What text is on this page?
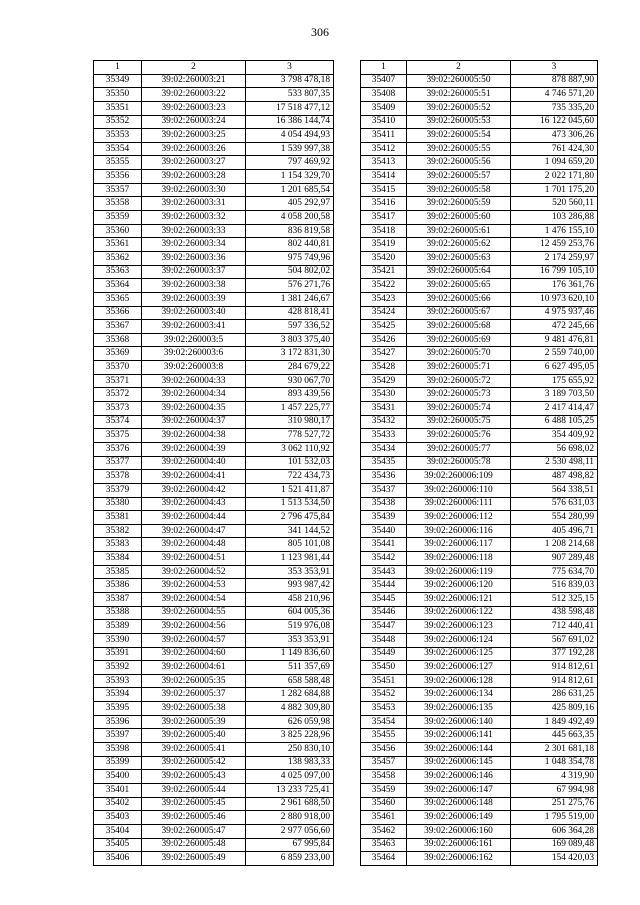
306
1	2	3
35349	39:02:260003:21	3 798 478,18
35350	39:02:260003:22	533 807,35
35351	39:02:260003:23	17 518 477,12
35352	39:02:260003:24	16 386 144,74
35353	39:02:260003:25	4 054 494,93
35354	39:02:260003:26	1 539 997,38
35355	39:02:260003:27	797 469,92
35356	39:02:260003:28	1 154 329,70
35357	39:02:260003:30	1 201 685,54
35358	39:02:260003:31	405 292,97
35359	39:02:260003:32	4 058 200,58
35360	39:02:260003:33	836 819,58
35361	39:02:260003:34	802 440,81
35362	39:02:260003:36	975 749,96
35363	39:02:260003:37	504 802,02
35364	39:02:260003:38	576 271,76
35365	39:02:260003:39	1 381 246,67
35366	39:02:260003:40	428 818,41
35367	39:02:260003:41	597 336,52
35368	39:02:260003:5	3 803 375,40
35369	39:02:260003:6	3 172 831,30
35370	39:02:260003:8	284 679,22
35371	39:02:260004:33	930 067,70
35372	39:02:260004:34	893 439,56
35373	39:02:260004:35	1 457 225,77
35374	39:02:260004:37	310 980,17
35375	39:02:260004:38	778 527,72
35376	39:02:260004:39	3 062 110,92
35377	39:02:260004:40	101 532,03
35378	39:02:260004:41	722 434,73
35379	39:02:260004:42	1 521 411,87
35380	39:02:260004:43	1 513 534,50
35381	39:02:260004:44	2 796 475,84
35382	39:02:260004:47	341 144,52
35383	39:02:260004:48	805 101,08
35384	39:02:260004:51	1 123 981,44
35385	39:02:260004:52	353 353,91
35386	39:02:260004:53	993 987,42
35387	39:02:260004:54	458 210,96
35388	39:02:260004:55	604 005,36
35389	39:02:260004:56	519 976,08
35390	39:02:260004:57	353 353,91
35391	39:02:260004:60	1 149 836,60
35392	39:02:260004:61	511 357,69
35393	39:02:260005:35	658 588,48
35394	39:02:260005:37	1 282 684,88
35395	39:02:260005:38	4 882 309,80
35396	39:02:260005:39	626 059,98
35397	39:02:260005:40	3 825 228,96
35398	39:02:260005:41	250 830,10
35399	39:02:260005:42	138 983,33
35400	39:02:260005:43	4 025 097,00
35401	39:02:260005:44	13 233 725,41
35402	39:02:260005:45	2 961 688,50
35403	39:02:260005:46	2 880 918,00
35404	39:02:260005:47	2 977 056,60
35405	39:02:260005:48	67 995,84
35406	39:02:260005:49	6 859 233,00
1	2	3
35407	39:02:260005:50	878 887,90
35408	39:02:260005:51	4 746 571,20
35409	39:02:260005:52	735 335,20
35410	39:02:260005:53	16 122 045,60
35411	39:02:260005:54	473 306,26
35412	39:02:260005:55	761 424,30
35413	39:02:260005:56	1 094 659,20
35414	39:02:260005:57	2 022 171,80
35415	39:02:260005:58	1 701 175,20
35416	39:02:260005:59	520 560,11
35417	39:02:260005:60	103 286,88
35418	39:02:260005:61	1 476 155,10
35419	39:02:260005:62	12 459 253,76
35420	39:02:260005:63	2 174 259,97
35421	39:02:260005:64	16 799 105,10
35422	39:02:260005:65	176 361,76
35423	39:02:260005:66	10 973 620,10
35424	39:02:260005:67	4 975 937,46
35425	39:02:260005:68	472 245,66
35426	39:02:260005:69	9 481 476,81
35427	39:02:260005:70	2 559 740,00
35428	39:02:260005:71	6 627 495,05
35429	39:02:260005:72	175 655,92
35430	39:02:260005:73	3 189 703,50
35431	39:02:260005:74	2 417 414,47
35432	39:02:260005:75	6 488 105,25
35433	39:02:260005:76	354 409,92
35434	39:02:260005:77	56 698,02
35435	39:02:260005:78	2 530 498,11
35436	39:02:260006:109	487 498,82
35437	39:02:260006:110	564 338,51
35438	39:02:260006:111	576 631,03
35439	39:02:260006:112	554 280,99
35440	39:02:260006:116	405 496,71
35441	39:02:260006:117	1 208 214,68
35442	39:02:260006:118	907 289,48
35443	39:02:260006:119	775 634,70
35444	39:02:260006:120	516 839,03
35445	39:02:260006:121	512 325,15
35446	39:02:260006:122	438 598,48
35447	39:02:260006:123	712 440,41
35448	39:02:260006:124	567 691,02
35449	39:02:260006:125	377 192,28
35450	39:02:260006:127	914 812,61
35451	39:02:260006:128	914 812,61
35452	39:02:260006:134	286 631,25
35453	39:02:260006:135	425 809,16
35454	39:02:260006:140	1 849 492,49
35455	39:02:260006:141	445 663,35
35456	39:02:260006:144	2 301 681,18
35457	39:02:260006:145	1 048 354,78
35458	39:02:260006:146	4 319,90
35459	39:02:260006:147	67 994,98
35460	39:02:260006:148	251 275,76
35461	39:02:260006:149	1 795 519,00
35462	39:02:260006:160	606 364,28
35463	39:02:260006:161	169 089,48
35464	39:02:260006:162	154 420,03
